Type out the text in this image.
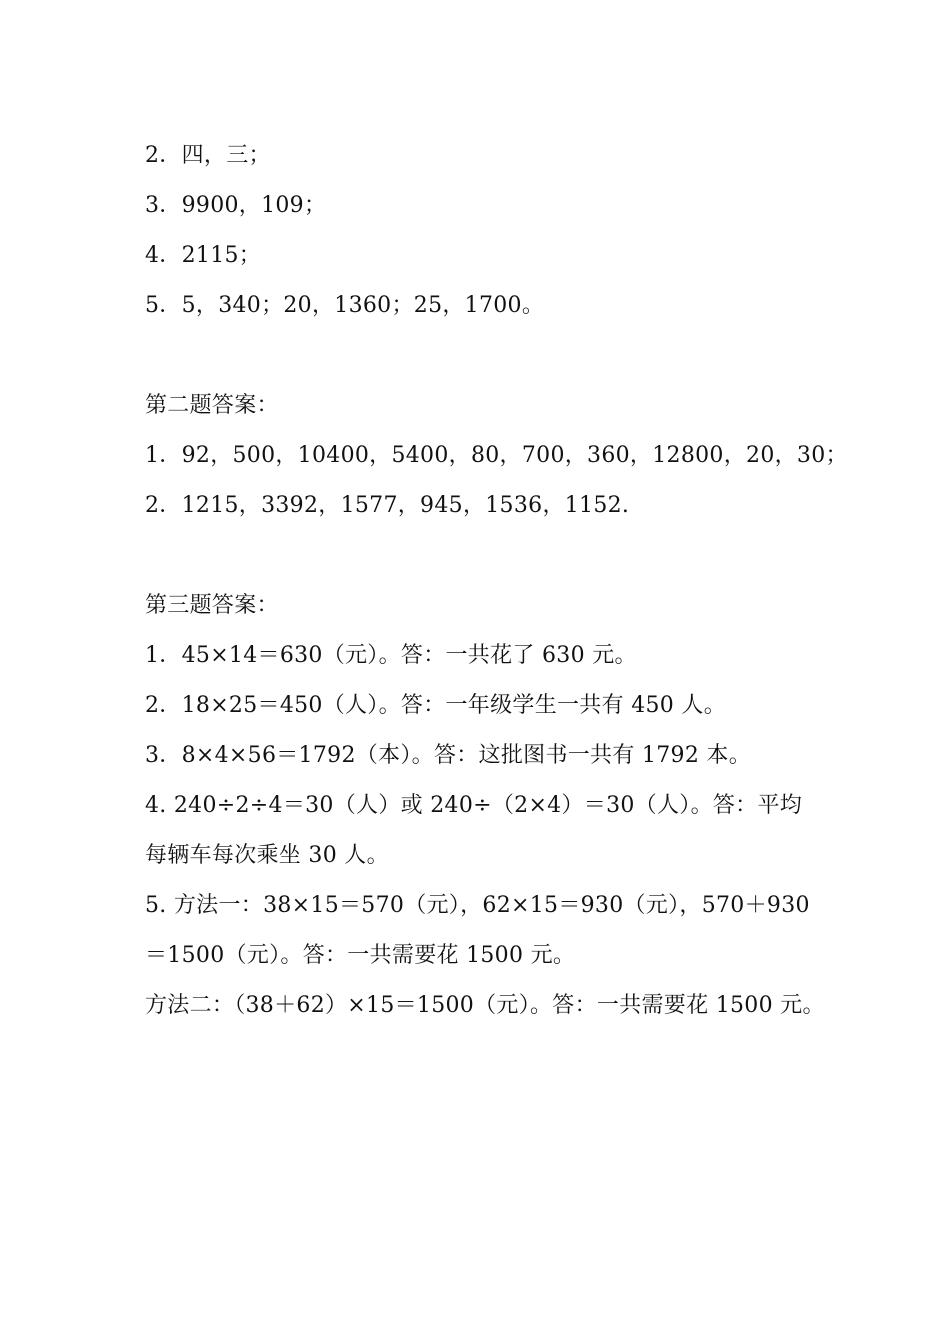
2．四，三；
3．9900，109；
4．2115；
5．5，340；20，1360；25，1700。
第二题答案：
1．92，500，10400，5400，80，700，360，12800，20，30；
2．1215，3392，1577，945，1536，1152.
第三题答案：
1．45×14＝630（元）。答：一共花了 630 元。
2．18×25＝450（人）。答：一年级学生一共有 450 人。
3．8×4×56＝1792（本）。答：这批图书一共有 1792 本。
4. 240÷2÷4＝30（人）或 240÷（2×4）＝30（人）。答：平均
每辆车每次乘坐 30 人。
5. 方法一：38×15＝570（元），62×15＝930（元），570＋930
＝1500（元）。答：一共需要花 1500 元。
方法二：（38＋62）×15＝1500（元）。答：一共需要花 1500 元。
